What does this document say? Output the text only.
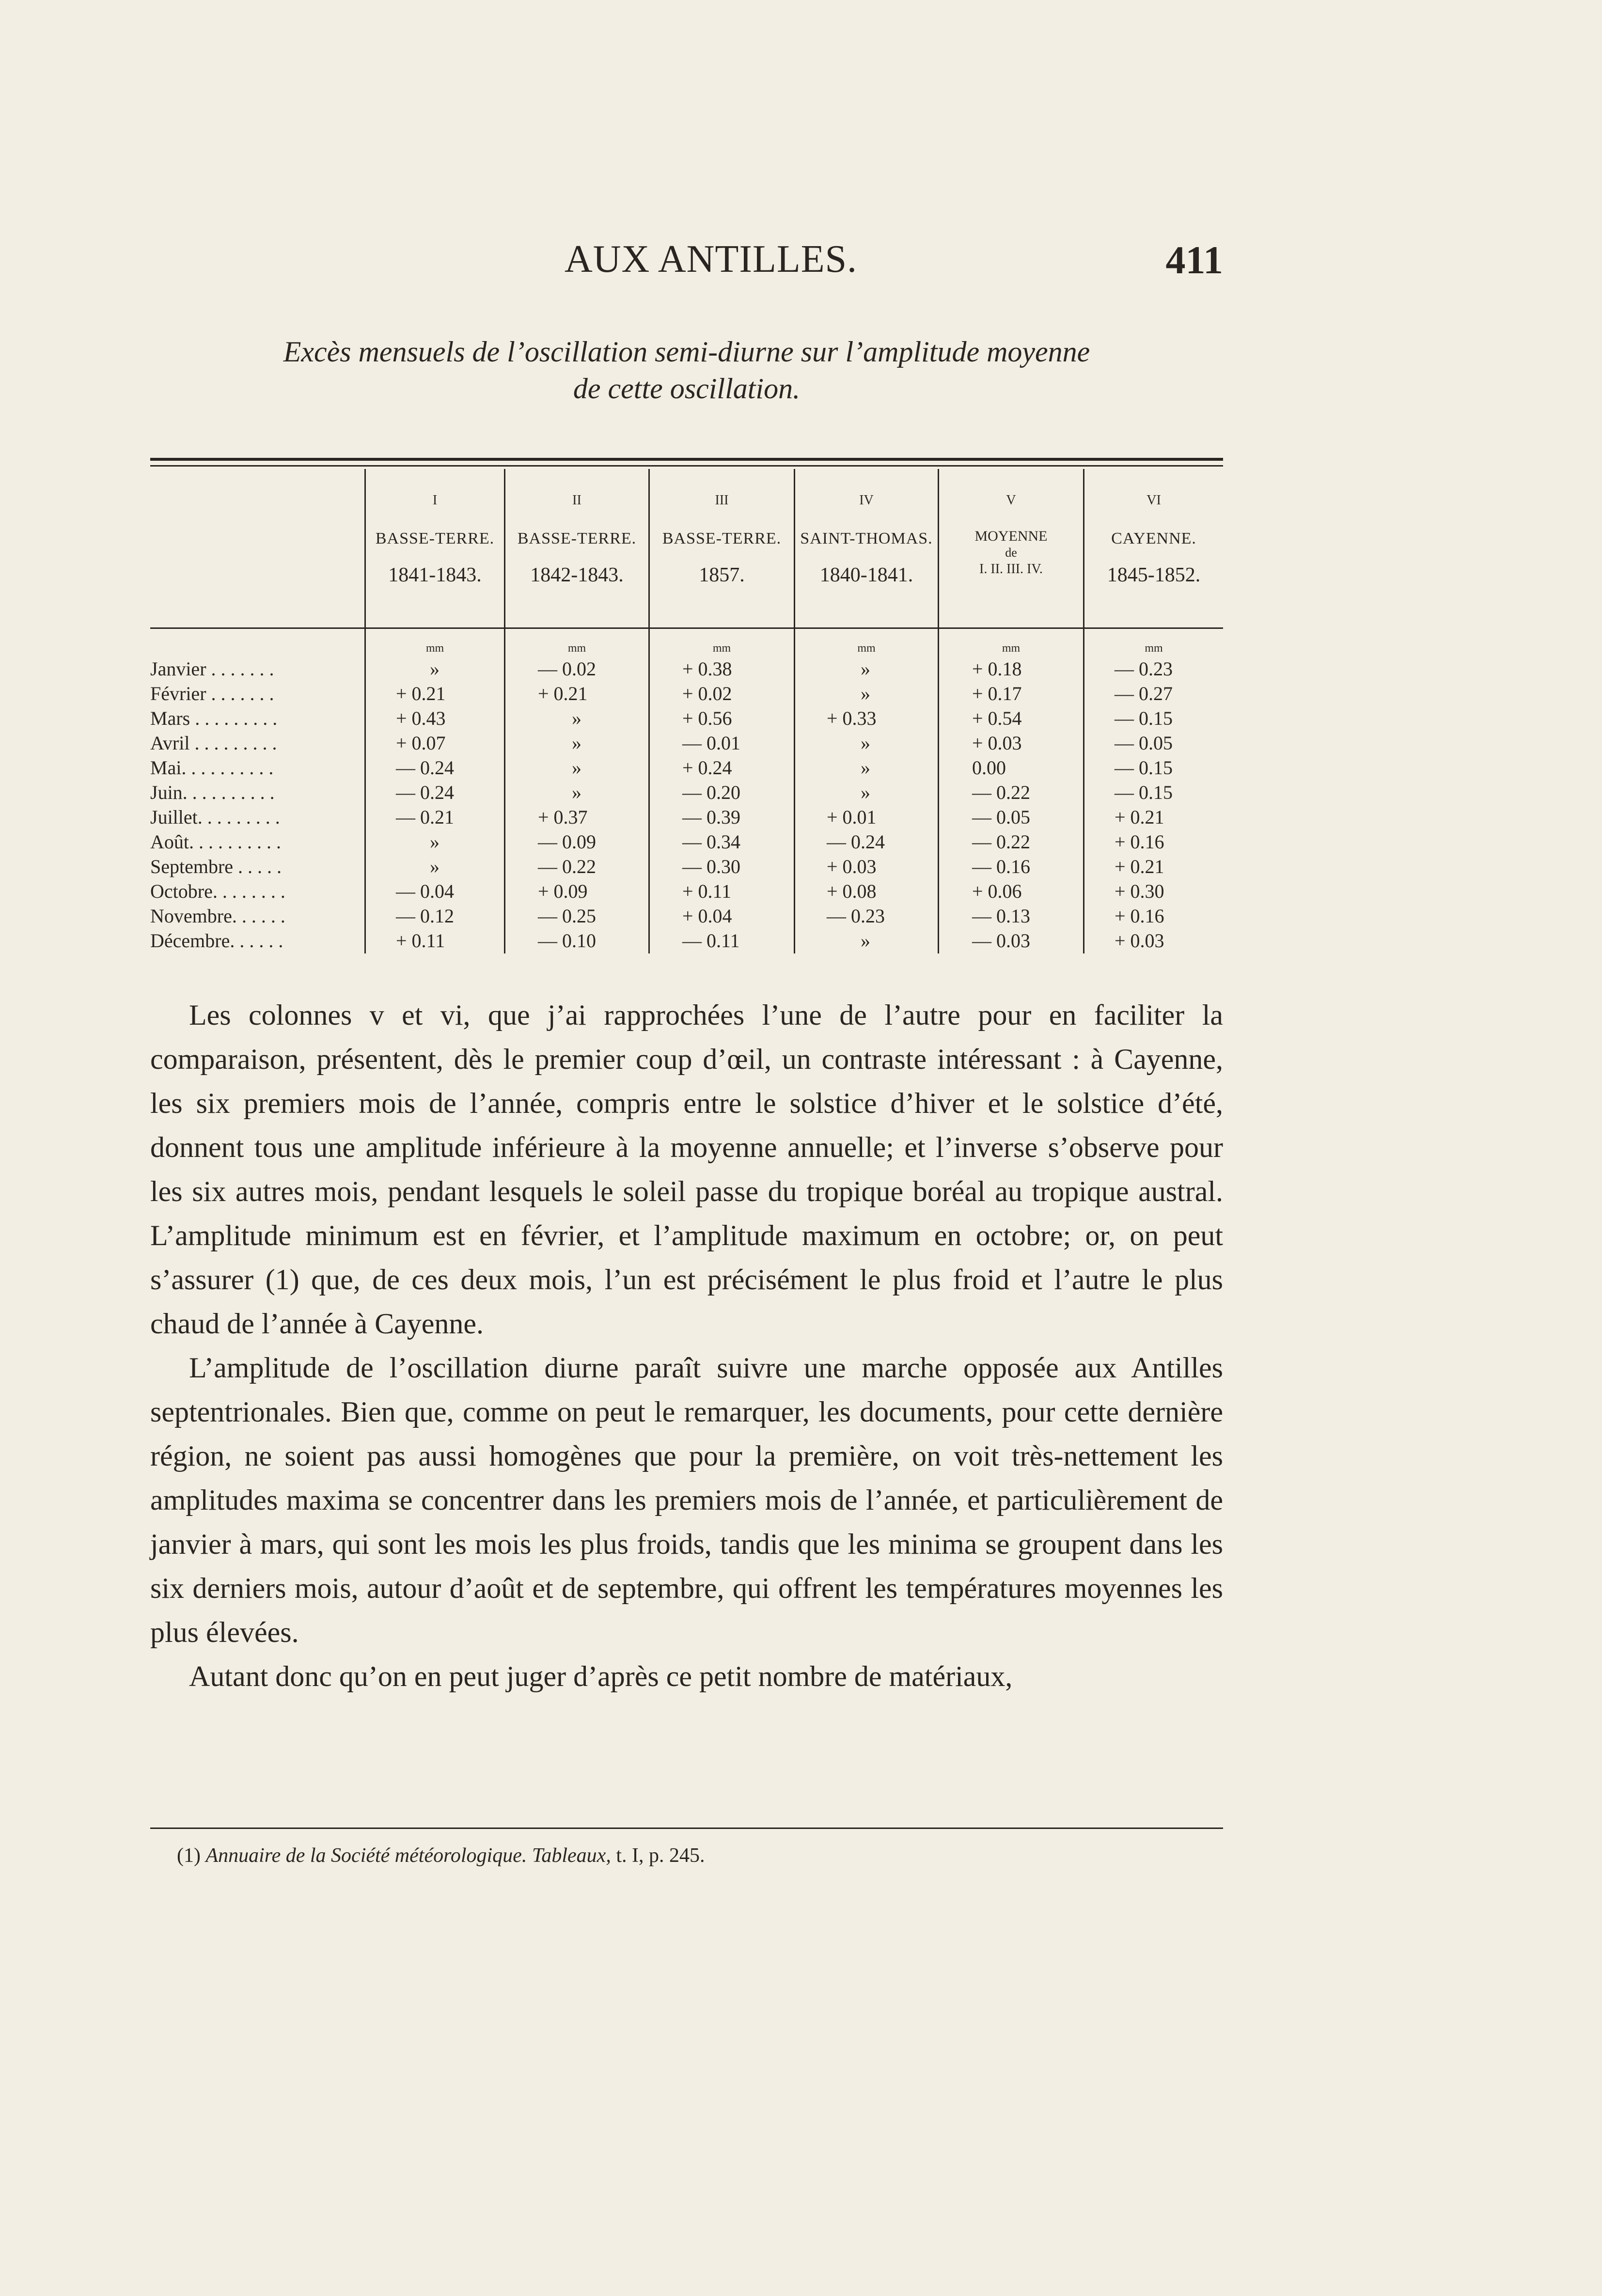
AUX ANTILLES.	411
Excès mensuels de l’oscillation semi-diurne sur l’amplitude moyenne
de cette oscillation.
I
BASSE-TERRE.
1841-1843.
II
BASSE-TERRE.
1842-1843.
III
BASSE-TERRE.
1857.
IV
SAINT-THOMAS.
1840-1841.
V
MOYENNE
de
I. II. III. IV.
VI
CAYENNE.
1845-1852.
mm	mm	mm	mm	mm	mm
Janvier . . . . . . .	»	— 0.02	+ 0.38	»	+ 0.18	— 0.23
Février . . . . . . .	+ 0.21	+ 0.21	+ 0.02	»	+ 0.17	— 0.27
Mars . . . . . . . . .	+ 0.43	»	+ 0.56	+ 0.33	+ 0.54	— 0.15
Avril . . . . . . . . .	+ 0.07	»	— 0.01	»	+ 0.03	— 0.05
Mai. . . . . . . . . .	— 0.24	»	+ 0.24	»	0.00	— 0.15
Juin. . . . . . . . . .	— 0.24	»	— 0.20	»	— 0.22	— 0.15
Juillet. . . . . . . . .	— 0.21	+ 0.37	— 0.39	+ 0.01	— 0.05	+ 0.21
Août. . . . . . . . . .	»	— 0.09	— 0.34	— 0.24	— 0.22	+ 0.16
Septembre . . . . .	»	— 0.22	— 0.30	+ 0.03	— 0.16	+ 0.21
Octobre. . . . . . . .	— 0.04	+ 0.09	+ 0.11	+ 0.08	+ 0.06	+ 0.30
Novembre. . . . . .	— 0.12	— 0.25	+ 0.04	— 0.23	— 0.13	+ 0.16
Décembre. . . . . .	+ 0.11	— 0.10	— 0.11	»	— 0.03	+ 0.03

Les colonnes v et vi, que j’ai rapprochées l’une de l’autre pour en faciliter la comparaison, présentent, dès le premier coup d’œil, un contraste intéressant : à Cayenne, les six premiers mois de l’année, compris entre le solstice d’hiver et le solstice d’été, donnent tous une amplitude inférieure à la moyenne annuelle; et l’inverse s’observe pour les six autres mois, pendant lesquels le soleil passe du tropique boréal au tropique austral. L’amplitude minimum est en février, et l’amplitude maximum en octobre; or, on peut s’assurer (1) que, de ces deux mois, l’un est précisément le plus froid et l’autre le plus chaud de l’année à Cayenne.

L’amplitude de l’oscillation diurne paraît suivre une marche opposée aux Antilles septentrionales. Bien que, comme on peut le remarquer, les documents, pour cette dernière région, ne soient pas aussi homogènes que pour la première, on voit très-nettement les amplitudes maxima se concentrer dans les premiers mois de l’année, et particulièrement de janvier à mars, qui sont les mois les plus froids, tandis que les minima se groupent dans les six derniers mois, autour d’août et de septembre, qui offrent les températures moyennes les plus élevées.

Autant donc qu’on en peut juger d’après ce petit nombre de matériaux,

(1) Annuaire de la Société météorologique. Tableaux, t. I, p. 245.
